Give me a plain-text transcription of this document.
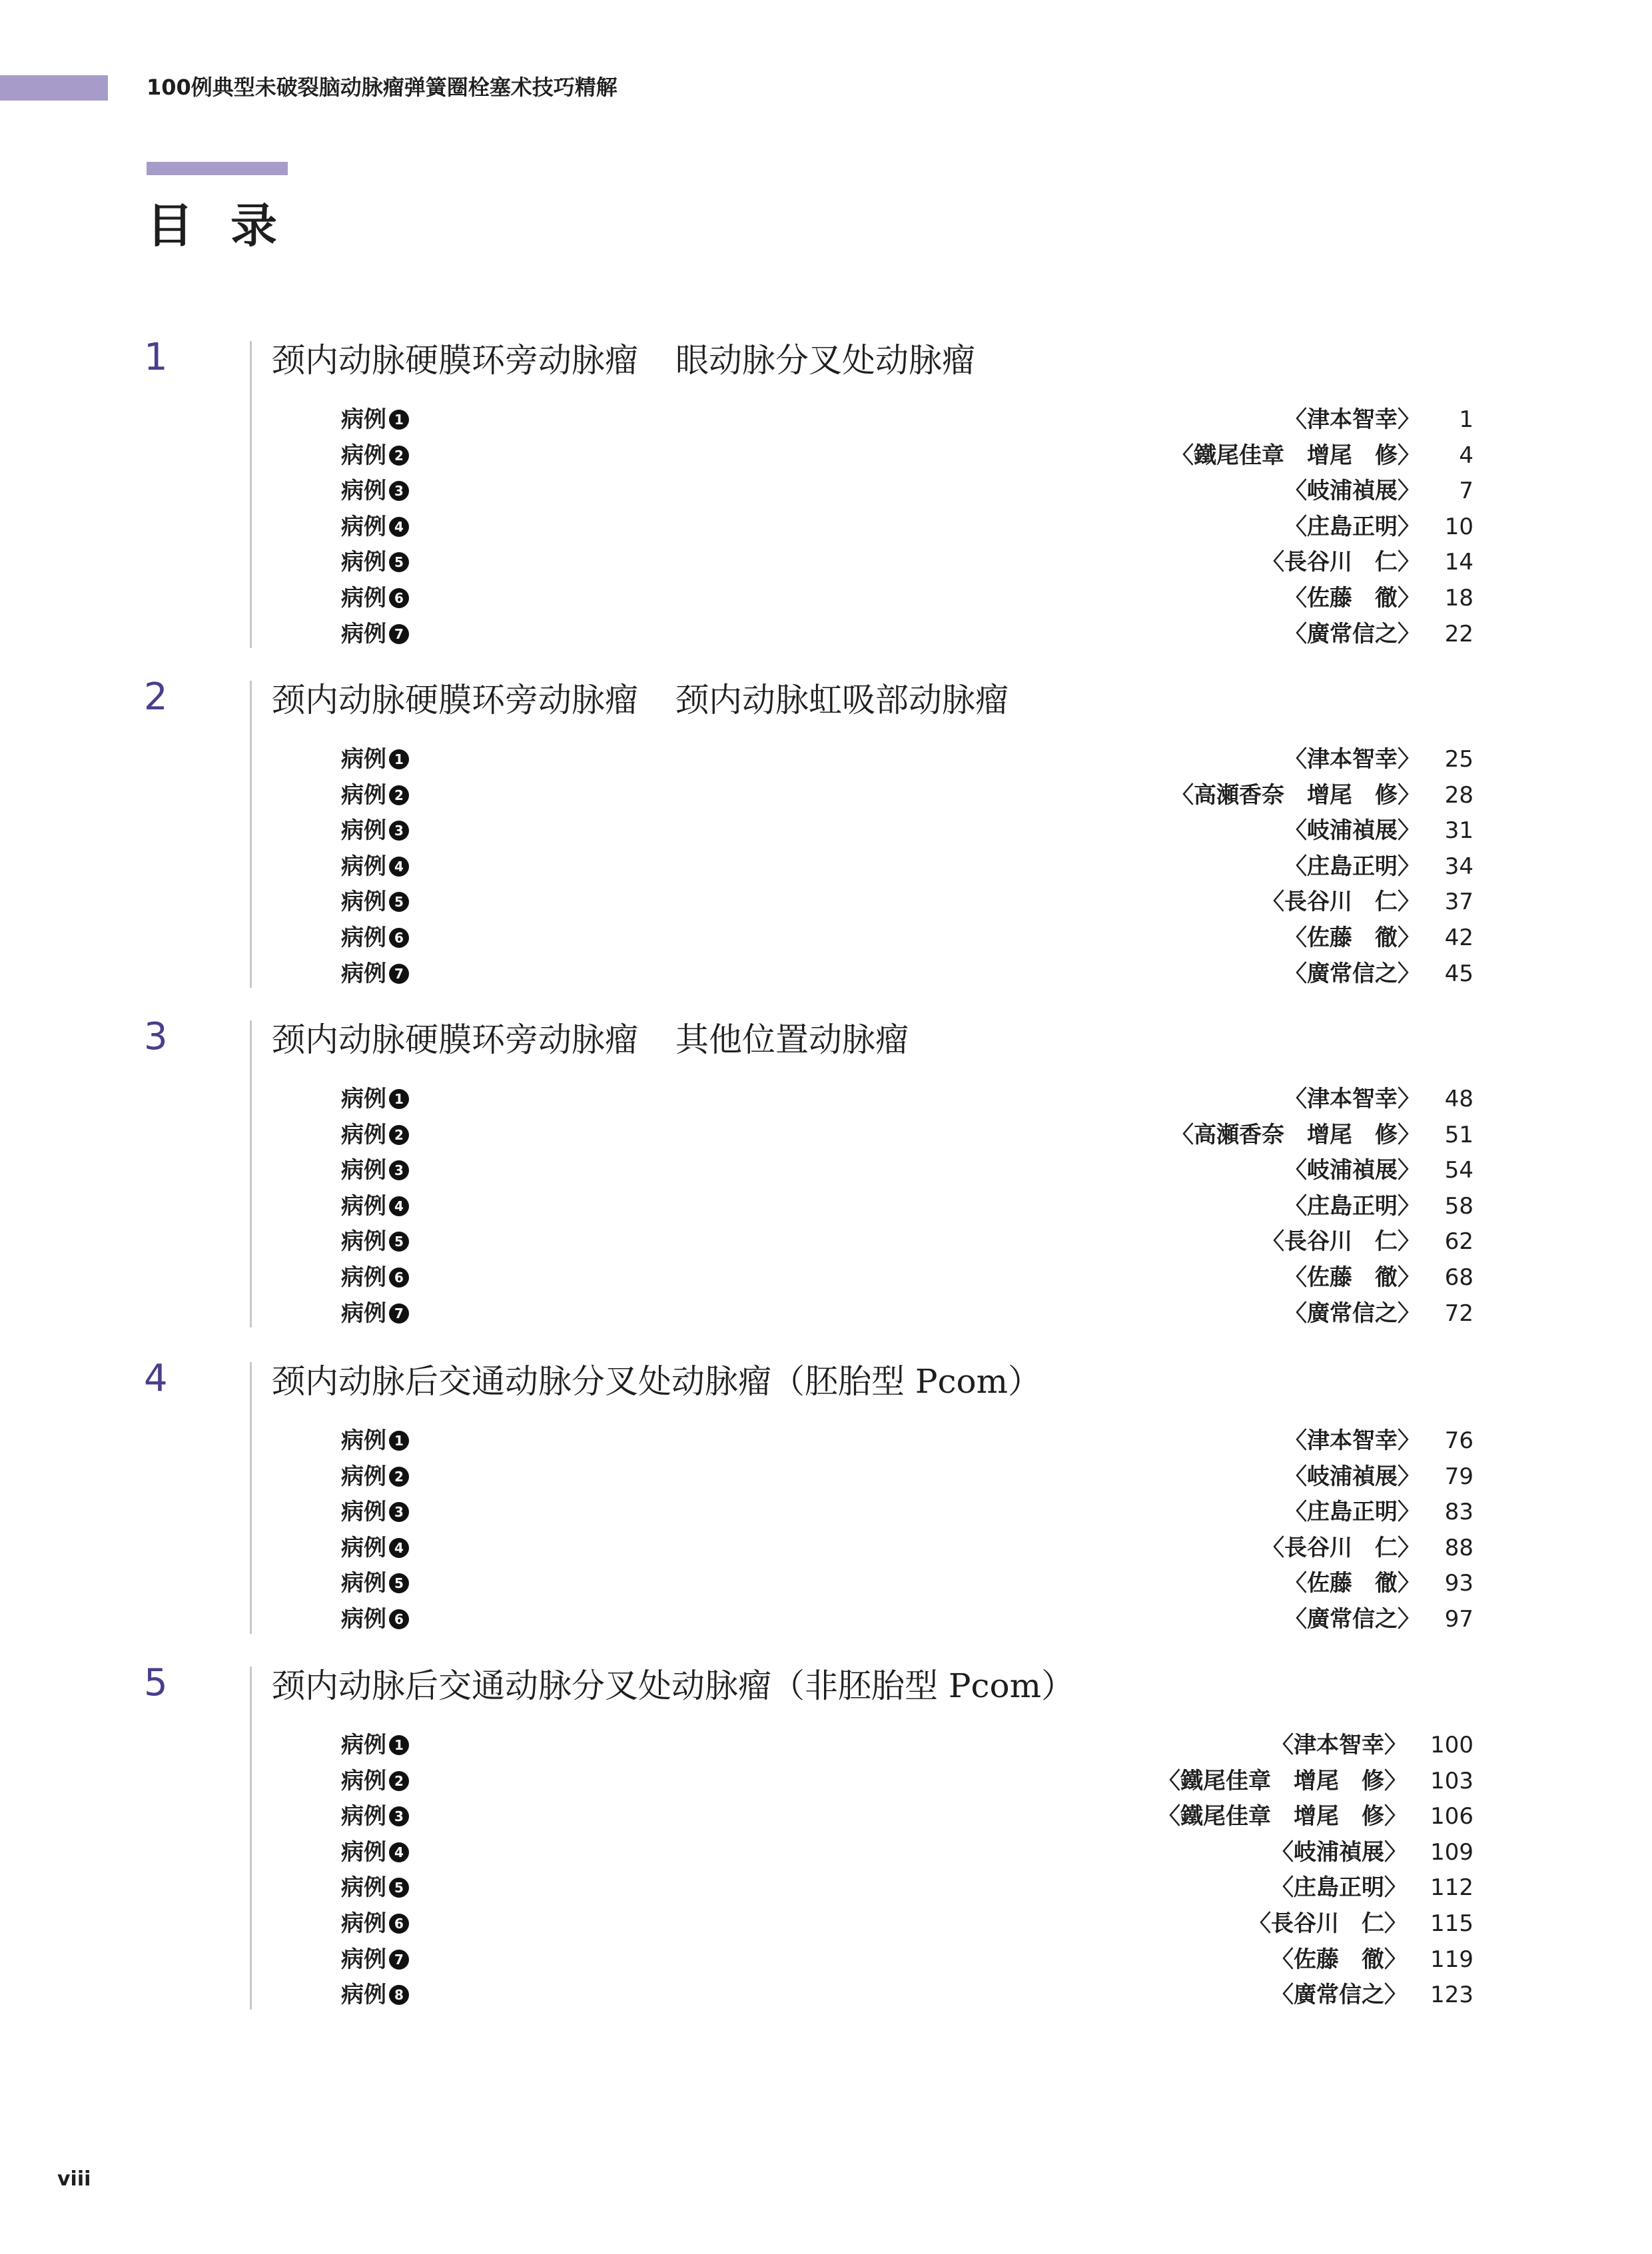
100例典型未破裂脑动脉瘤弹簧圈栓塞术技巧精解
目录
1	颈内动脉硬膜环旁动脉瘤 眼动脉分叉处动脉瘤
病例 1	〈津本智幸〉 1
病例 2	〈鐵尾佳章　增尾　修〉 4
病例 3	〈岐浦禎展〉 7
病例 4	〈庄島正明〉 10
病例 5	〈長谷川　仁〉 14
病例 6	〈佐藤　徹〉 18
病例 7	〈廣常信之〉 22
2	颈内动脉硬膜环旁动脉瘤 颈内动脉虹吸部动脉瘤
病例 1	〈津本智幸〉 25
病例 2	〈高瀬香奈　增尾　修〉 28
病例 3	〈岐浦禎展〉 31
病例 4	〈庄島正明〉 34
病例 5	〈長谷川　仁〉 37
病例 6	〈佐藤　徹〉 42
病例 7	〈廣常信之〉 45
3	颈内动脉硬膜环旁动脉瘤 其他位置动脉瘤
病例 1	〈津本智幸〉 48
病例 2	〈高瀬香奈　增尾　修〉 51
病例 3	〈岐浦禎展〉 54
病例 4	〈庄島正明〉 58
病例 5	〈長谷川　仁〉 62
病例 6	〈佐藤　徹〉 68
病例 7	〈廣常信之〉 72
4	颈内动脉后交通动脉分叉处动脉瘤（胚胎型 Pcom）
病例 1	〈津本智幸〉 76
病例 2	〈岐浦禎展〉 79
病例 3	〈庄島正明〉 83
病例 4	〈長谷川　仁〉 88
病例 5	〈佐藤　徹〉 93
病例 6	〈廣常信之〉 97
5	颈内动脉后交通动脉分叉处动脉瘤（非胚胎型 Pcom）
病例 1	〈津本智幸〉 100
病例 2	〈鐵尾佳章　增尾　修〉 103
病例 3	〈鐵尾佳章　增尾　修〉 106
病例 4	〈岐浦禎展〉 109
病例 5	〈庄島正明〉 112
病例 6	〈長谷川　仁〉 115
病例 7	〈佐藤　徹〉 119
病例 8	〈廣常信之〉 123
viii
